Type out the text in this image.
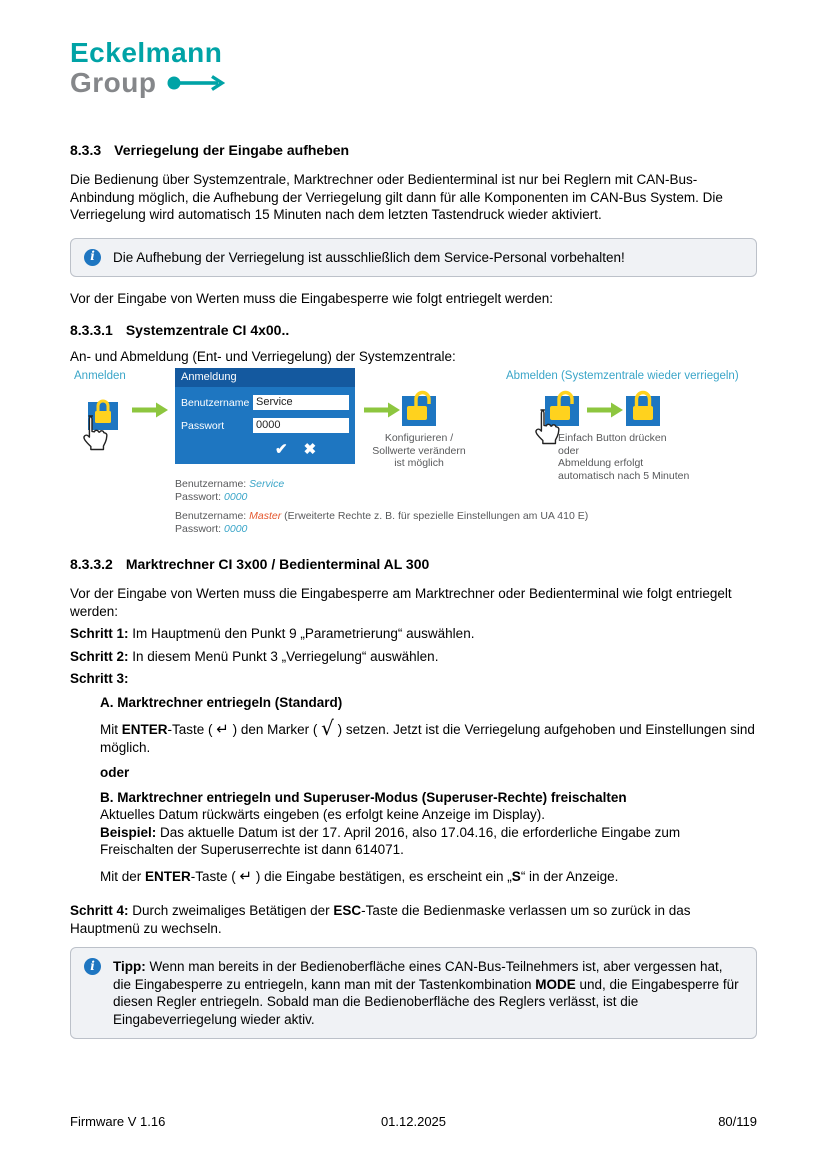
Eckelmann
Group
8.3.3 Verriegelung der Eingabe aufheben

Die Bedienung über Systemzentrale, Marktrechner oder Bedienterminal ist nur bei Reglern mit CAN-Bus-Anbindung möglich, die Aufhebung der Verriegelung gilt dann für alle Komponenten im CAN-Bus System. Die Verriegelung wird automatisch 15 Minuten nach dem letzten Tastendruck wieder aktiviert.

i	Die Aufhebung der Verriegelung ist ausschließlich dem Service-Personal vorbehalten!

Vor der Eingabe von Werten muss die Eingabesperre wie folgt entriegelt werden:

8.3.3.1 Systemzentrale CI 4x00..

An- und Abmeldung (Ent- und Verriegelung) der Systemzentrale:

Anmelden	Anmeldung
Benutzername Service
Passwort	0000
✔ ✖
Konfigurieren /
Sollwerte verändern
ist möglich
Abmelden (Systemzentrale wieder verriegeln)
Einfach Button drücken
oder
Abmeldung erfolgt
automatisch nach 5 Minuten
Benutzername: Service
Passwort: 0000
Benutzername: Master (Erweiterte Rechte z. B. für spezielle Einstellungen am UA 410 E)
Passwort: 0000
8.3.3.2 Marktrechner CI 3x00 / Bedienterminal AL 300

Vor der Eingabe von Werten muss die Eingabesperre am Marktrechner oder Bedienterminal wie folgt entriegelt werden:

Schritt 1: Im Hauptmenü den Punkt 9 „Parametrierung“ auswählen.

Schritt 2: In diesem Menü Punkt 3 „Verriegelung“ auswählen.

Schritt 3:

A. Marktrechner entriegeln (Standard)

Mit ENTER-Taste ( ↵ ) den Marker ( √ ) setzen. Jetzt ist die Verriegelung aufgehoben und Einstellungen sind möglich.

oder

B. Marktrechner entriegeln und Superuser-Modus (Superuser-Rechte) freischalten

Aktuelles Datum rückwärts eingeben (es erfolgt keine Anzeige im Display).

Beispiel: Das aktuelle Datum ist der 17. April 2016, also 17.04.16, die erforderliche Eingabe zum Freischalten der Superuserrechte ist dann 614071.

Mit der ENTER-Taste ( ↵ ) die Eingabe bestätigen, es erscheint ein „S“ in der Anzeige.

Schritt 4: Durch zweimaliges Betätigen der ESC-Taste die Bedienmaske verlassen um so zurück in das Hauptmenü zu wechseln.

i	Tipp: Wenn man bereits in der Bedienoberfläche eines CAN-Bus-Teilnehmers ist, aber vergessen hat, die Eingabesperre zu entriegeln, kann man mit der Tastenkombination MODE und, die Eingabesperre für diesen Regler entriegeln. Sobald man die Bedienoberfläche des Reglers verlässt, ist die Eingabeverriegelung wieder aktiv.
Firmware V 1.16	01.12.2025	80/119
